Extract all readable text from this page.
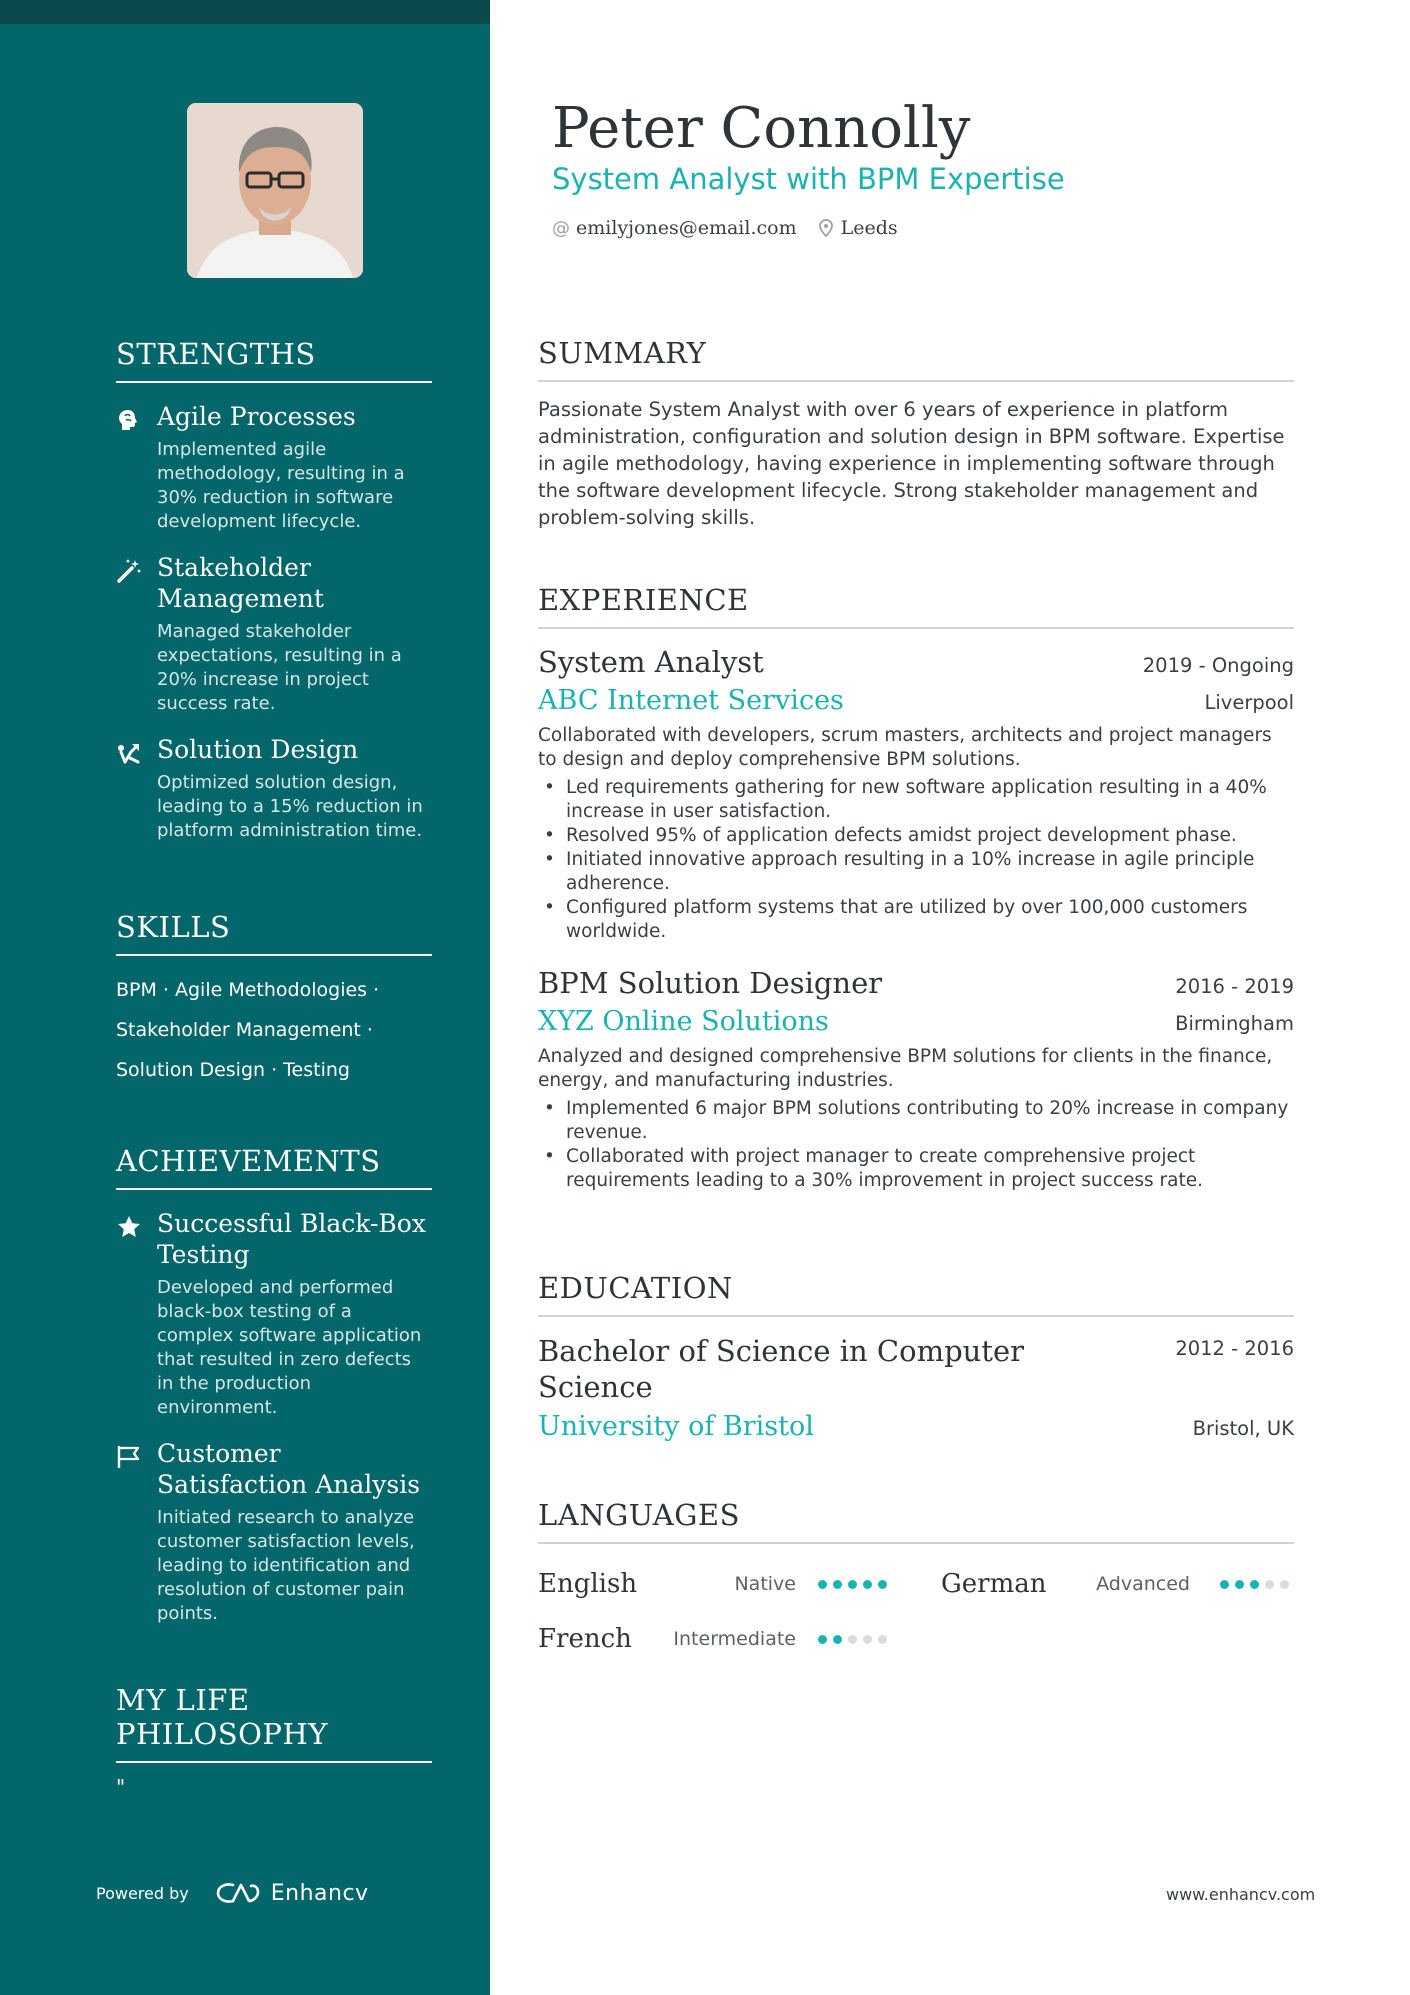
STRENGTHS
Agile Processes
Implemented agile methodology, resulting in a 30% reduction in software development lifecycle.
Stakeholder Management
Managed stakeholder expectations, resulting in a 20% increase in project success rate.
Solution Design
Optimized solution design, leading to a 15% reduction in platform administration time.
SKILLS
BPM · Agile Methodologies ·
Stakeholder Management ·
Solution Design · Testing
ACHIEVEMENTS
Successful Black-Box Testing
Developed and performed black-box testing of a complex software application that resulted in zero defects in the production environment.
Customer Satisfaction Analysis
Initiated research to analyze customer satisfaction levels, leading to identification and resolution of customer pain points.
MY LIFE PHILOSOPHY
"
Powered by	Enhancv
Peter Connolly
System Analyst with BPM Expertise
@ emilyjones@email.com Leeds
SUMMARY
Passionate System Analyst with over 6 years of experience in platform administration, configuration and solution design in BPM software. Expertise in agile methodology, having experience in implementing software through the software development lifecycle. Strong stakeholder management and problem-solving skills.
EXPERIENCE
System Analyst	2019 - Ongoing
ABC Internet Services	Liverpool
Collaborated with developers, scrum masters, architects and project managers to design and deploy comprehensive BPM solutions.
• Led requirements gathering for new software application resulting in a 40% increase in user satisfaction.
• Resolved 95% of application defects amidst project development phase.
• Initiated innovative approach resulting in a 10% increase in agile principle adherence.
• Configured platform systems that are utilized by over 100,000 customers worldwide.
BPM Solution Designer	2016 - 2019
XYZ Online Solutions	Birmingham
Analyzed and designed comprehensive BPM solutions for clients in the finance, energy, and manufacturing industries.
• Implemented 6 major BPM solutions contributing to 20% increase in company revenue.
• Collaborated with project manager to create comprehensive project requirements leading to a 30% improvement in project success rate.
EDUCATION
Bachelor of Science in Computer Science
2012 - 2016
University of Bristol	Bristol, UK
LANGUAGES
English	Native	German	Advanced
French Intermediate
www.enhancv.com
